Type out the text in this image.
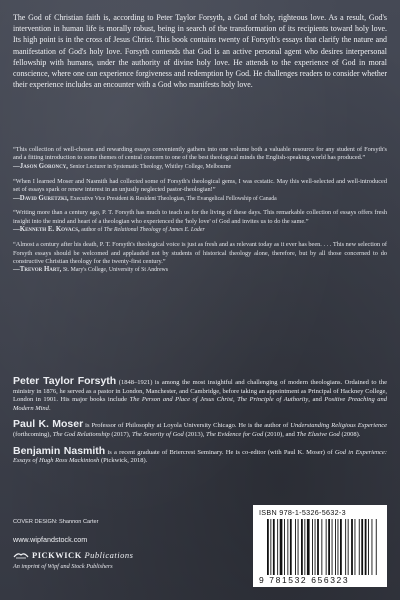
The God of Christian faith is, according to Peter Taylor Forsyth, a God of holy, righteous love. As a result, God's intervention in human life is morally robust, being in search of the transformation of its recipients toward holy love. Its high point is in the cross of Jesus Christ. This book contains twenty of Forsyth's essays that clarify the nature and manifestation of God's holy love. Forsyth contends that God is an active personal agent who desires interpersonal fellowship with humans, under the authority of divine holy love. He attends to the experience of God in moral conscience, where one can experience forgiveness and redemption by God. He challenges readers to consider whether their experience includes an encounter with a God who manifests holy love.

“This collection of well-chosen and rewarding essays conveniently gathers into one volume both a valuable resource for any student of Forsyth's and a fitting introduction to some themes of central concern to one of the best theological minds the English-speaking world has produced.”

—Jason Goroncy, Senior Lecturer in Systematic Theology, Whitley College, Melbourne

“When I learned Moser and Nasmith had collected some of Forsyth's theological gems, I was ecstatic. May this well-selected and well-introduced set of essays spark or renew interest in an unjustly neglected pastor-theologian!”

—David Guretzki, Executive Vice President & Resident Theologian, The Evangelical Fellowship of Canada

“Writing more than a century ago, P. T. Forsyth has much to teach us for the living of these days. This remarkable collection of essays offers fresh insight into the mind and heart of a theologian who experienced the 'holy love' of God and invites us to do the same.”

—Kenneth E. Kovacs, author of The Relational Theology of James E. Loder

“Almost a century after his death, P. T. Forsyth's theological voice is just as fresh and as relevant today as it ever has been. . . . This new selection of Forsyth essays should be welcomed and applauded not by students of historical theology alone, therefore, but by all those concerned to do constructive Christian theology for the twenty-first century.”

—Trevor Hart, St. Mary's College, University of St Andrews

Peter Taylor Forsyth (1848–1921) is among the most insightful and challenging of modern theologians. Ordained to the ministry in 1876, he served as a pastor in London, Manchester, and Cambridge, before taking an appointment as Principal of Hackney College, London in 1901. His major books include The Person and Place of Jesus Christ, The Principle of Authority, and Positive Preaching and Modern Mind.

Paul K. Moser is Professor of Philosophy at Loyola University Chicago. He is the author of Understanding Religious Experience (forthcoming), The God Relationship (2017), The Severity of God (2013), The Evidence for God (2010), and The Elusive God (2008).

Benjamin Nasmith is a recent graduate of Briercrest Seminary. He is co-editor (with Paul K. Moser) of God in Experience: Essays of Hugh Ross Mackintosh (Pickwick, 2018).

COVER DESIGN: Shannon Carter
www.wipfandstock.com
PICKWICK Publications
An imprint of Wipf and Stock Publishers
ISBN 978-1-5326-5632-3
9 781532 656323
